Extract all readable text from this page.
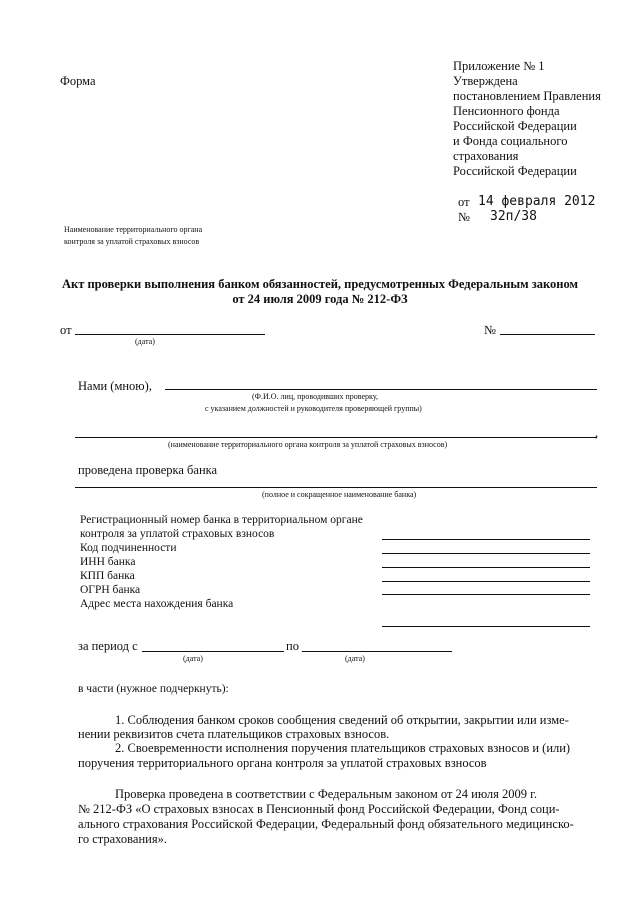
Форма
Приложение № 1
Утверждена
постановлением Правления
Пенсионного фонда
Российской Федерации
и Фонда социального
страхования
Российской Федерации
от 14 февраля 2012
№ 32п/38
Наименование территориального органа
контроля за уплатой страховых взносов
Акт проверки выполнения банком обязанностей, предусмотренных Федеральным законом
от 24 июля 2009 года № 212-ФЗ
от
(дата)
№
Нами (мною),
(Ф.И.О. лиц, проводивших проверку,
с указанием должностей и руководителя проверяющей группы)
,
(наименование территориального органа контроля за уплатой страховых взносов)
проведена проверка банка
(полное и сокращенное наименование банка)
Регистрационный номер банка в территориальном органе
контроля за уплатой страховых взносов
Код подчиненности
ИНН банка
КПП банка
ОГРН банка
Адрес места нахождения банка
за период с
(дата)
по
(дата)
в части (нужное подчеркнуть):
1. Соблюдения банком сроков сообщения сведений об открытии, закрытии или изме-
нении реквизитов счета плательщиков страховых взносов.
2. Своевременности исполнения поручения плательщиков страховых взносов и (или)
поручения территориального органа контроля за уплатой страховых взносов
Проверка проведена в соответствии с Федеральным законом от 24 июля 2009 г.
№ 212-ФЗ «О страховых взносах в Пенсионный фонд Российской Федерации, Фонд соци-
ального страхования Российской Федерации, Федеральный фонд обязательного медицинско-
го страхования».
